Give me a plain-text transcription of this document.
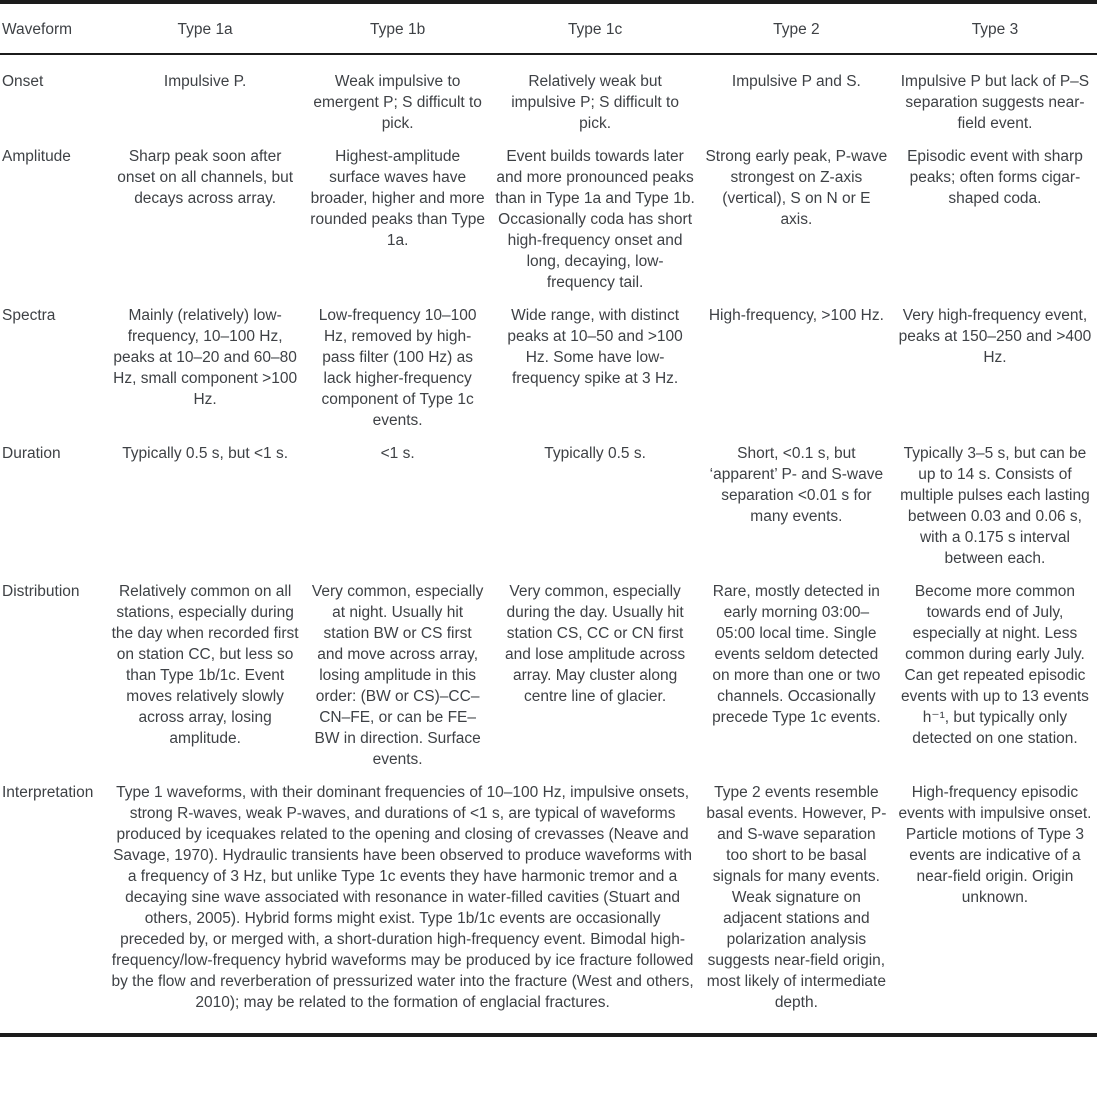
Waveform	Type 1a	Type 1b	Type 1c	Type 2	Type 3
Onset	Impulsive P.	Weak impulsive to emergent P; S difficult to pick.	Relatively weak but impulsive P; S difficult to pick.	Impulsive P and S.	Impulsive P but lack of P–S separation suggests near-field event.
Amplitude	Sharp peak soon after onset on all channels, but decays across array.	Highest-amplitude surface waves have broader, higher and more rounded peaks than Type 1a.	Event builds towards later and more pronounced peaks than in Type 1a and Type 1b. Occasionally coda has short high-frequency onset and long, decaying, low-frequency tail.	Strong early peak, P-wave strongest on Z-axis (vertical), S on N or E axis.	Episodic event with sharp peaks; often forms cigar-shaped coda.
Spectra	Mainly (relatively) low-frequency, 10–100 Hz, peaks at 10–20 and 60–80 Hz, small component >100 Hz.	Low-frequency 10–100 Hz, removed by high-pass filter (100 Hz) as lack higher-frequency component of Type 1c events.	Wide range, with distinct peaks at 10–50 and >100 Hz. Some have low-frequency spike at 3 Hz.	High-frequency, >100 Hz.	Very high-frequency event, peaks at 150–250 and >400 Hz.
Duration	Typically 0.5 s, but <1 s.	<1 s.	Typically 0.5 s.	Short, <0.1 s, but ‘apparent’ P- and S-wave separation <0.01 s for many events.	Typically 3–5 s, but can be up to 14 s. Consists of multiple pulses each lasting between 0.03 and 0.06 s, with a 0.175 s interval between each.
Distribution	Relatively common on all stations, especially during the day when recorded first on station CC, but less so than Type 1b/1c. Event moves relatively slowly across array, losing amplitude.	Very common, especially at night. Usually hit station BW or CS first and move across array, losing amplitude in this order: (BW or CS)–CC–CN–FE, or can be FE–BW in direction. Surface events.	Very common, especially during the day. Usually hit station CS, CC or CN first and lose amplitude across array. May cluster along centre line of glacier.	Rare, mostly detected in early morning 03:00–05:00 local time. Single events seldom detected on more than one or two channels. Occasionally precede Type 1c events.	Become more common towards end of July, especially at night. Less common during early July. Can get repeated episodic events with up to 13 events h⁻¹, but typically only detected on one station.
Interpretation	Type 1 waveforms, with their dominant frequencies of 10–100 Hz, impulsive onsets, strong R-waves, weak P-waves, and durations of <1 s, are typical of waveforms produced by icequakes related to the opening and closing of crevasses (Neave and Savage, 1970). Hydraulic transients have been observed to produce waveforms with a frequency of 3 Hz, but unlike Type 1c events they have harmonic tremor and a decaying sine wave associated with resonance in water-filled cavities (Stuart and others, 2005). Hybrid forms might exist. Type 1b/1c events are occasionally preceded by, or merged with, a short-duration high-frequency event. Bimodal high-frequency/low-frequency hybrid waveforms may be produced by ice fracture followed by the flow and reverberation of pressurized water into the fracture (West and others, 2010); may be related to the formation of englacial fractures.	Type 2 events resemble basal events. However, P- and S-wave separation too short to be basal signals for many events. Weak signature on adjacent stations and polarization analysis suggests near-field origin, most likely of intermediate depth.	High-frequency episodic events with impulsive onset. Particle motions of Type 3 events are indicative of a near-field origin. Origin unknown.
